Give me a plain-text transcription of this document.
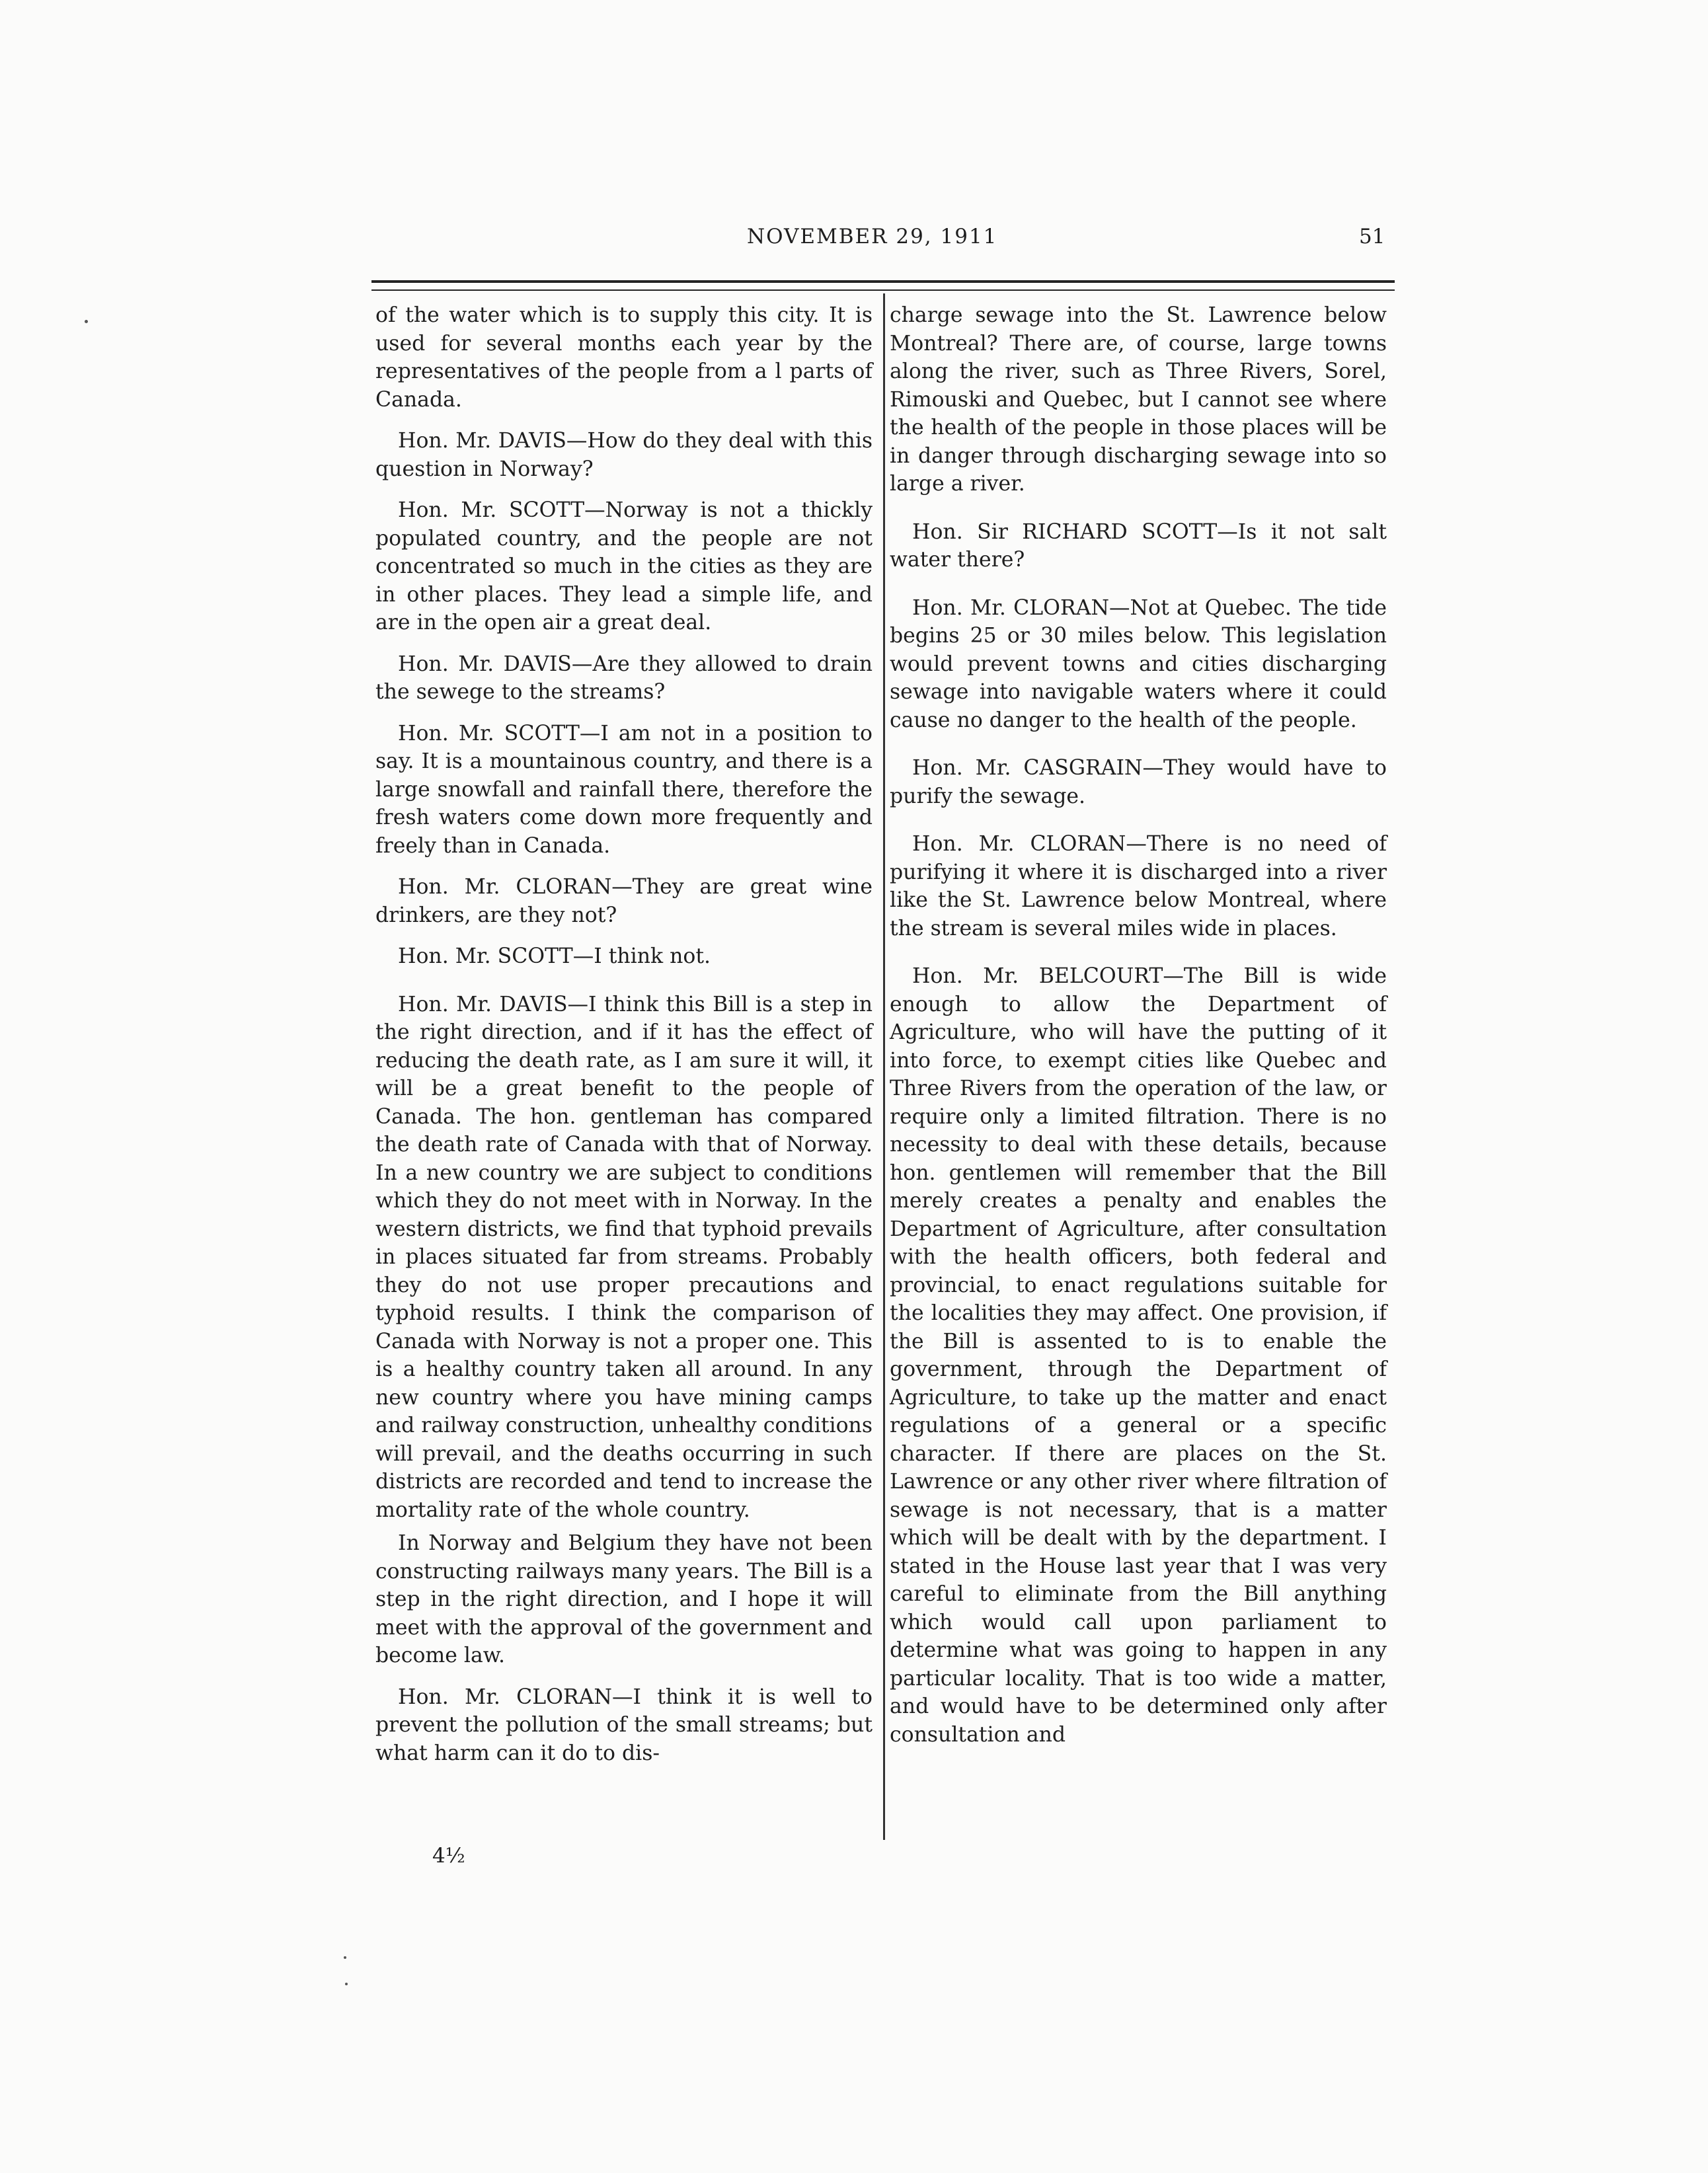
NOVEMBER 29, 1911	51

of the water which is to supply this city. It is used for several months each year by the representatives of the people from a l parts of Canada.

Hon. Mr. DAVIS—How do they deal with this question in Norway?

Hon. Mr. SCOTT—Norway is not a thickly populated country, and the people are not concentrated so much in the cities as they are in other places. They lead a simple life, and are in the open air a great deal.

Hon. Mr. DAVIS—Are they allowed to drain the sewege to the streams?

Hon. Mr. SCOTT—I am not in a position to say. It is a mountainous country, and there is a large snowfall and rainfall there, therefore the fresh waters come down more frequently and freely than in Canada.

Hon. Mr. CLORAN—They are great wine drinkers, are they not?

Hon. Mr. SCOTT—I think not.

Hon. Mr. DAVIS—I think this Bill is a step in the right direction, and if it has the effect of reducing the death rate, as I am sure it will, it will be a great benefit to the people of Canada. The hon. gentleman has compared the death rate of Canada with that of Norway. In a new country we are subject to conditions which they do not meet with in Norway. In the western districts, we find that typhoid prevails in places situated far from streams. Probably they do not use proper precautions and typhoid results. I think the comparison of Canada with Norway is not a proper one. This is a healthy country taken all around. In any new country where you have mining camps and railway construction, unhealthy conditions will prevail, and the deaths occurring in such districts are recorded and tend to increase the mortality rate of the whole country.

In Norway and Belgium they have not been constructing railways many years. The Bill is a step in the right direction, and I hope it will meet with the approval of the government and become law.

Hon. Mr. CLORAN—I think it is well to prevent the pollution of the small streams; but what harm can it do to dis-

charge sewage into the St. Lawrence below Montreal? There are, of course, large towns along the river, such as Three Rivers, Sorel, Rimouski and Quebec, but I cannot see where the health of the people in those places will be in danger through discharging sewage into so large a river.

Hon. Sir RICHARD SCOTT—Is it not salt water there?

Hon. Mr. CLORAN—Not at Quebec. The tide begins 25 or 30 miles below. This legislation would prevent towns and cities discharging sewage into navigable waters where it could cause no danger to the health of the people.

Hon. Mr. CASGRAIN—They would have to purify the sewage.

Hon. Mr. CLORAN—There is no need of purifying it where it is discharged into a river like the St. Lawrence below Montreal, where the stream is several miles wide in places.

Hon. Mr. BELCOURT—The Bill is wide enough to allow the Department of Agriculture, who will have the putting of it into force, to exempt cities like Quebec and Three Rivers from the operation of the law, or require only a limited filtration. There is no necessity to deal with these details, because hon. gentlemen will remember that the Bill merely creates a penalty and enables the Department of Agriculture, after consultation with the health officers, both federal and provincial, to enact regulations suitable for the localities they may affect. One provision, if the Bill is assented to is to enable the government, through the Department of Agriculture, to take up the matter and enact regulations of a general or a specific character. If there are places on the St. Lawrence or any other river where filtration of sewage is not necessary, that is a matter which will be dealt with by the department. I stated in the House last year that I was very careful to eliminate from the Bill anything which would call upon parliament to determine what was going to happen in any particular locality. That is too wide a matter, and would have to be determined only after consultation and

4½
